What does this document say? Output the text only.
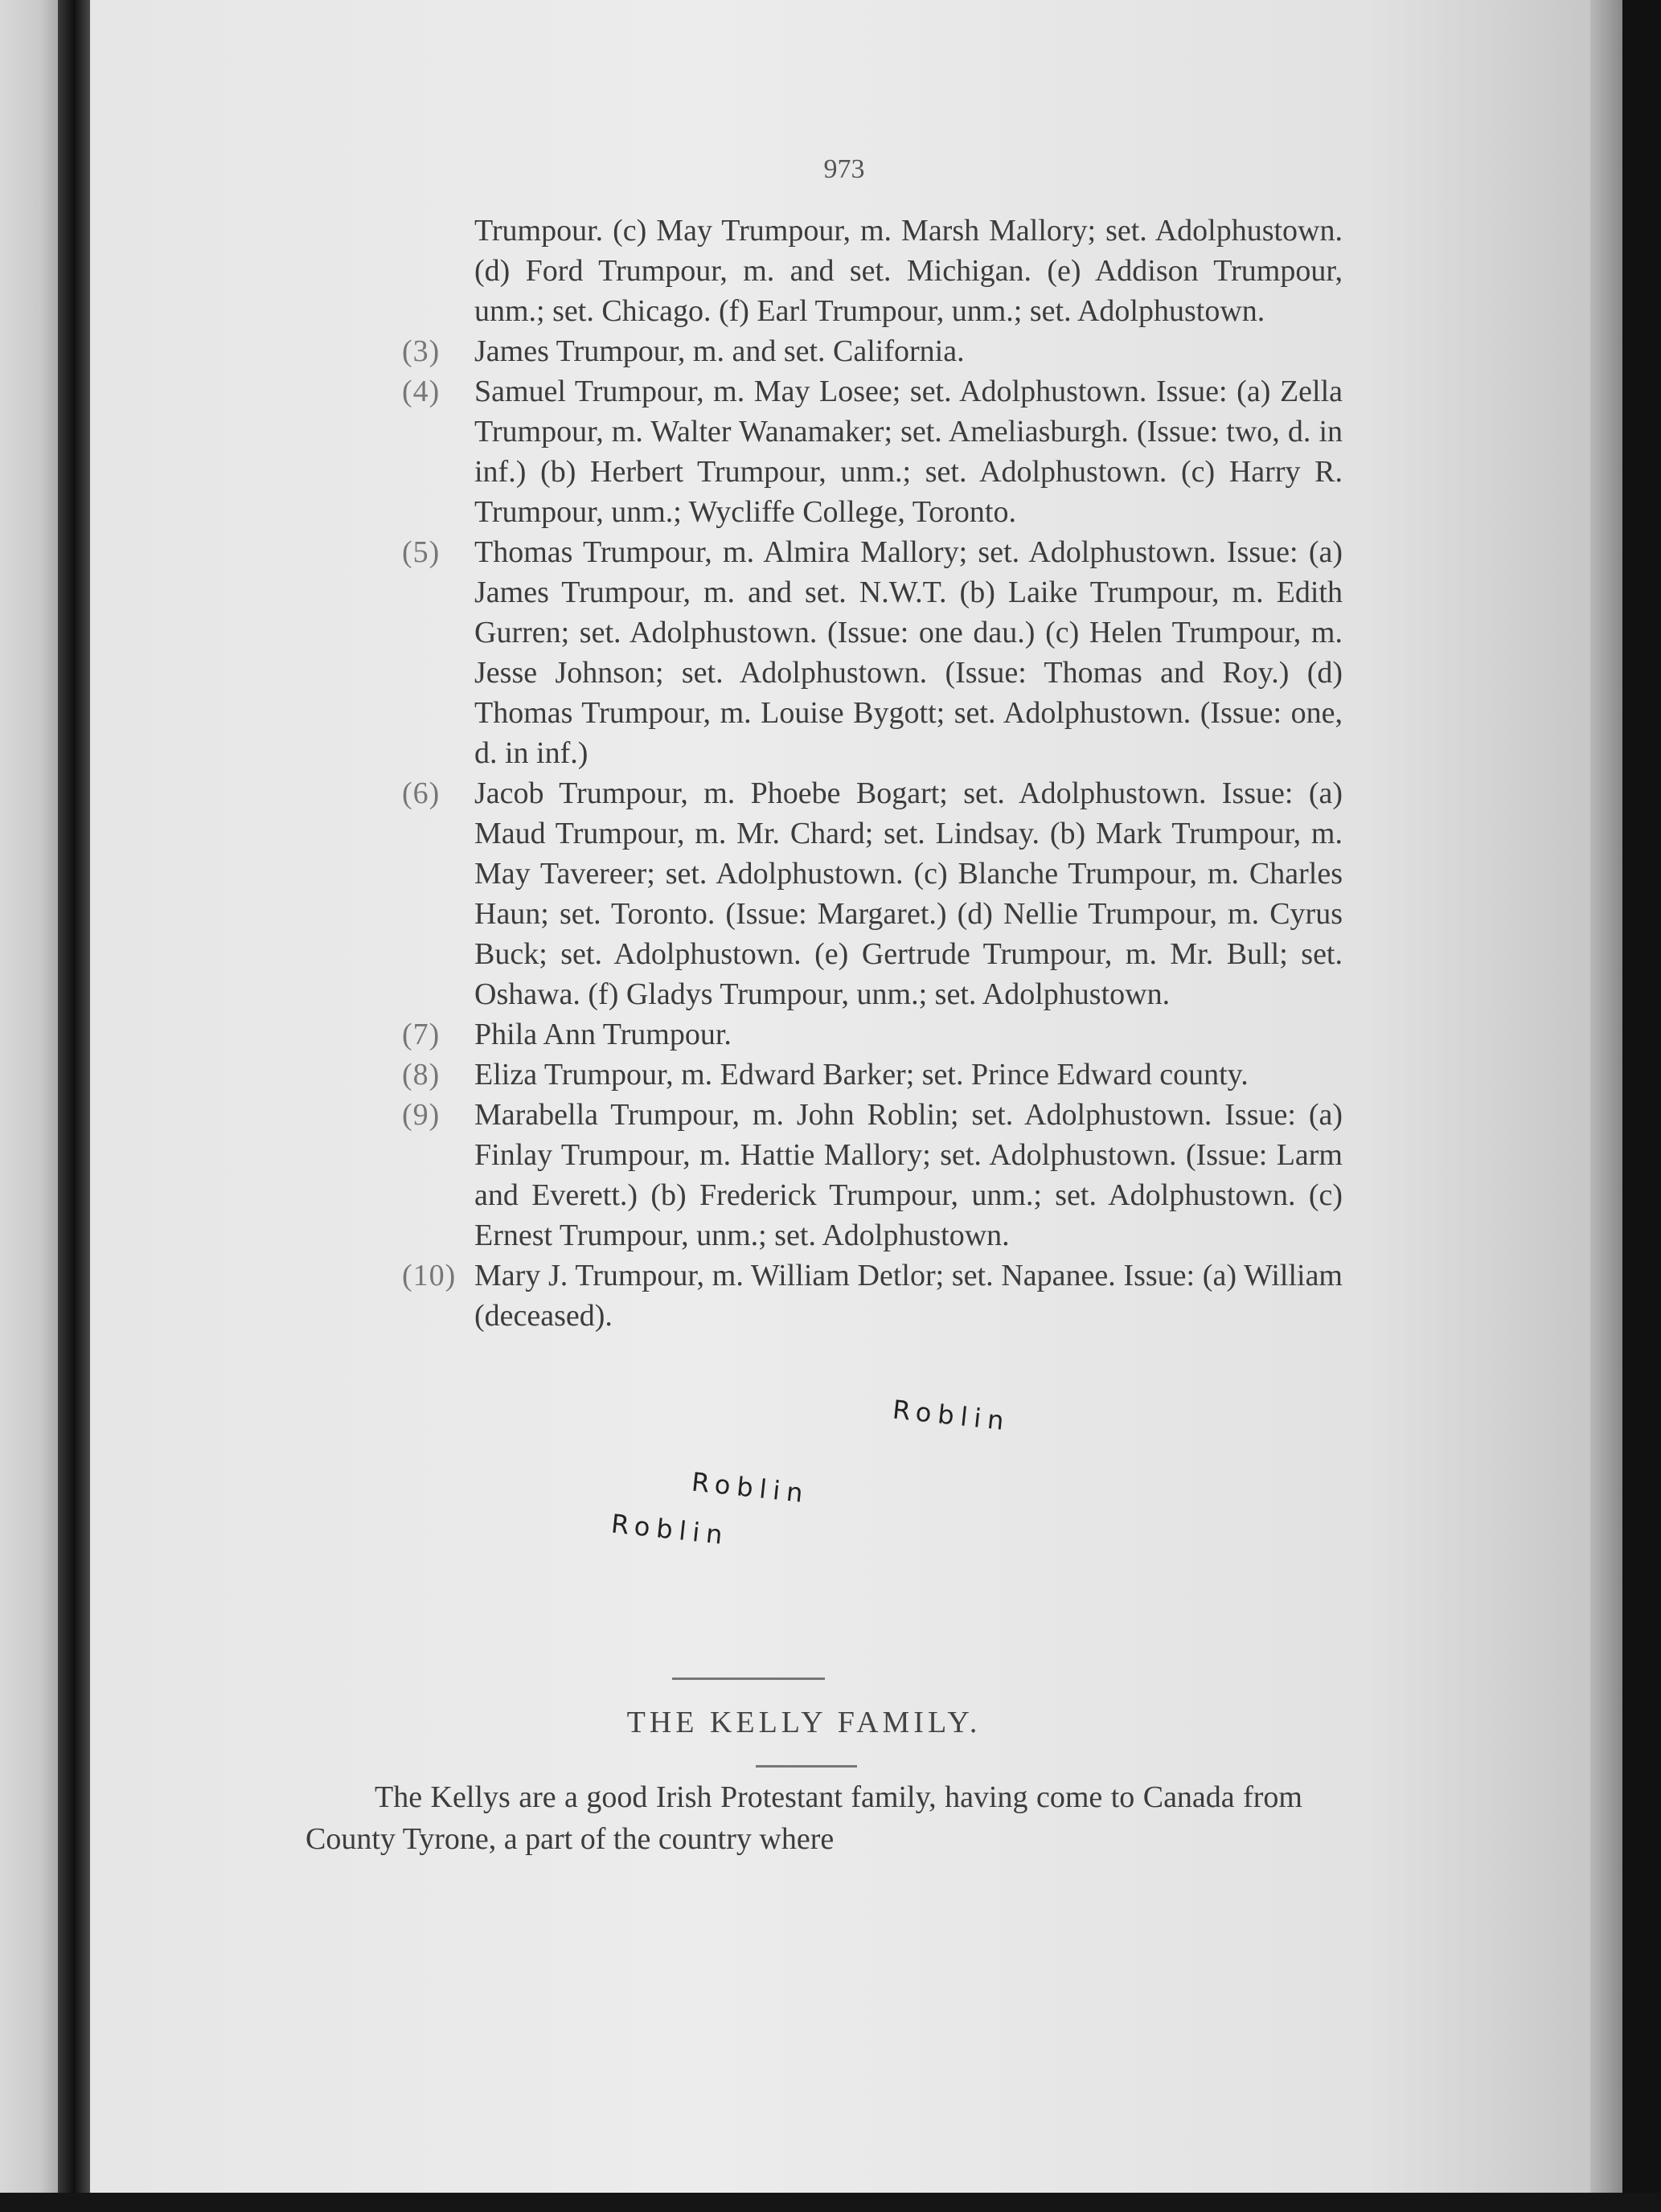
973
Trumpour. (c) May Trumpour, m. Marsh Mallory; set. Adolphustown. (d) Ford Trumpour, m. and set. Michigan. (e) Addison Trumpour, unm.; set. Chicago. (f) Earl Trumpour, unm.; set. Adolphustown.
(3)	James Trumpour, m. and set. California.
(4)	Samuel Trumpour, m. May Losee; set. Adolphustown. Issue: (a) Zella Trumpour, m. Walter Wanamaker; set. Ameliasburgh. (Issue: two, d. in inf.) (b) Herbert Trumpour, unm.; set. Adolphustown. (c) Harry R. Trumpour, unm.; Wycliffe College, Toronto.
(5)	Thomas Trumpour, m. Almira Mallory; set. Adolphustown. Issue: (a) James Trumpour, m. and set. N.W.T. (b) Laike Trumpour, m. Edith Gurren; set. Adolphustown. (Issue: one dau.) (c) Helen Trumpour, m. Jesse Johnson; set. Adolphustown. (Issue: Thomas and Roy.) (d) Thomas Trumpour, m. Louise Bygott; set. Adolphustown. (Issue: one, d. in inf.)
(6)	Jacob Trumpour, m. Phoebe Bogart; set. Adolphustown. Issue: (a) Maud Trumpour, m. Mr. Chard; set. Lindsay. (b) Mark Trumpour, m. May Tavereer; set. Adolphustown. (c) Blanche Trumpour, m. Charles Haun; set. Toronto. (Issue: Margaret.) (d) Nellie Trumpour, m. Cyrus Buck; set. Adolphustown. (e) Gertrude Trumpour, m. Mr. Bull; set. Oshawa. (f) Gladys Trumpour, unm.; set. Adolphustown.
(7)	Phila Ann Trumpour.
(8)	Eliza Trumpour, m. Edward Barker; set. Prince Edward county.
(9)	Marabella Trumpour, m. John Roblin; set. Adolphustown. Issue: (a) Finlay Trumpour, m. Hattie Mallory; set. Adolphustown. (Issue: Larm and Everett.) (b) Frederick Trumpour, unm.; set. Adolphustown. (c) Ernest Trumpour, unm.; set. Adolphustown.
(10) Mary J. Trumpour, m. William Detlor; set. Napanee. Issue: (a) William (deceased).
Roblin
Roblin
Roblin
THE KELLY FAMILY.
The Kellys are a good Irish Protestant family, having come to Canada from County Tyrone, a part of the country where
